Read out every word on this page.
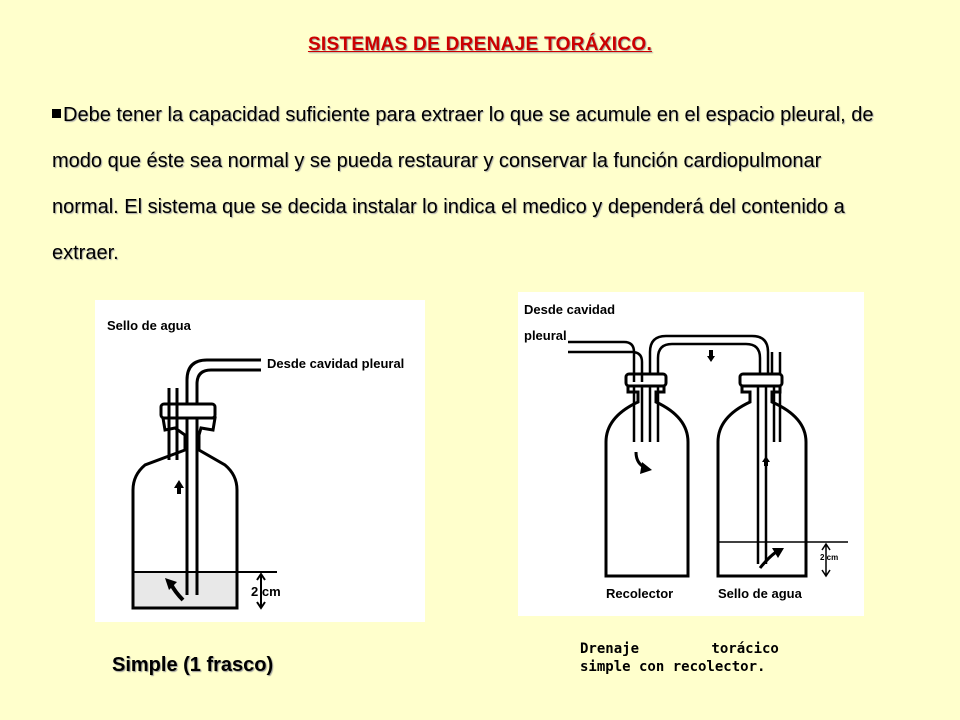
SISTEMAS DE DRENAJE TORÁXICO.
Debe tener la capacidad suficiente para extraer lo que se acumule en el espacio pleural, de modo que éste sea normal y se pueda restaurar y conservar la función cardiopulmonar normal. El sistema que se decida instalar lo indica el medico y dependerá del contenido a extraer.
Sello de agua
Desde cavidad pleural
2 cm
Desde cavidad
pleural
2 cm
Recolector	Sello de agua
Simple (1 frasco)
Drenaje torácico
simple con recolector.
